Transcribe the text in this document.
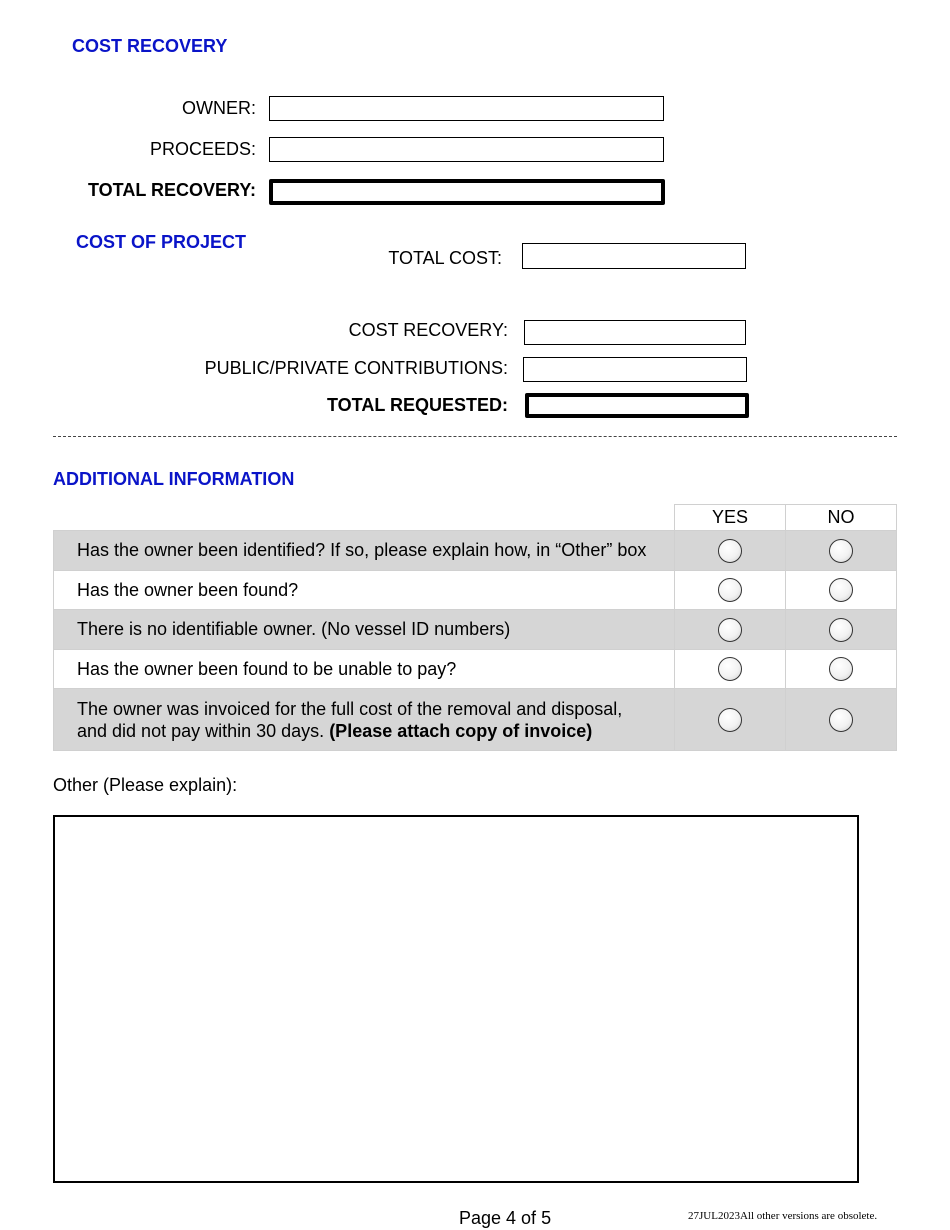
COST RECOVERY
OWNER:
PROCEEDS:
TOTAL RECOVERY:
COST OF PROJECT
TOTAL COST:
COST RECOVERY:
PUBLIC/PRIVATE CONTRIBUTIONS:
TOTAL REQUESTED:
ADDITIONAL INFORMATION
	YES	NO
Has the owner been identified? If so, please explain how, in “Other” box		
Has the owner been found?		
There is no identifiable owner. (No vessel ID numbers)		
Has the owner been found to be unable to pay?		
The owner was invoiced for the full cost of the removal and disposal, and did not pay within 30 days. (Please attach copy of invoice)		
Other (Please explain):
Page 4 of 5	27JUL2023All other versions are obsolete.
